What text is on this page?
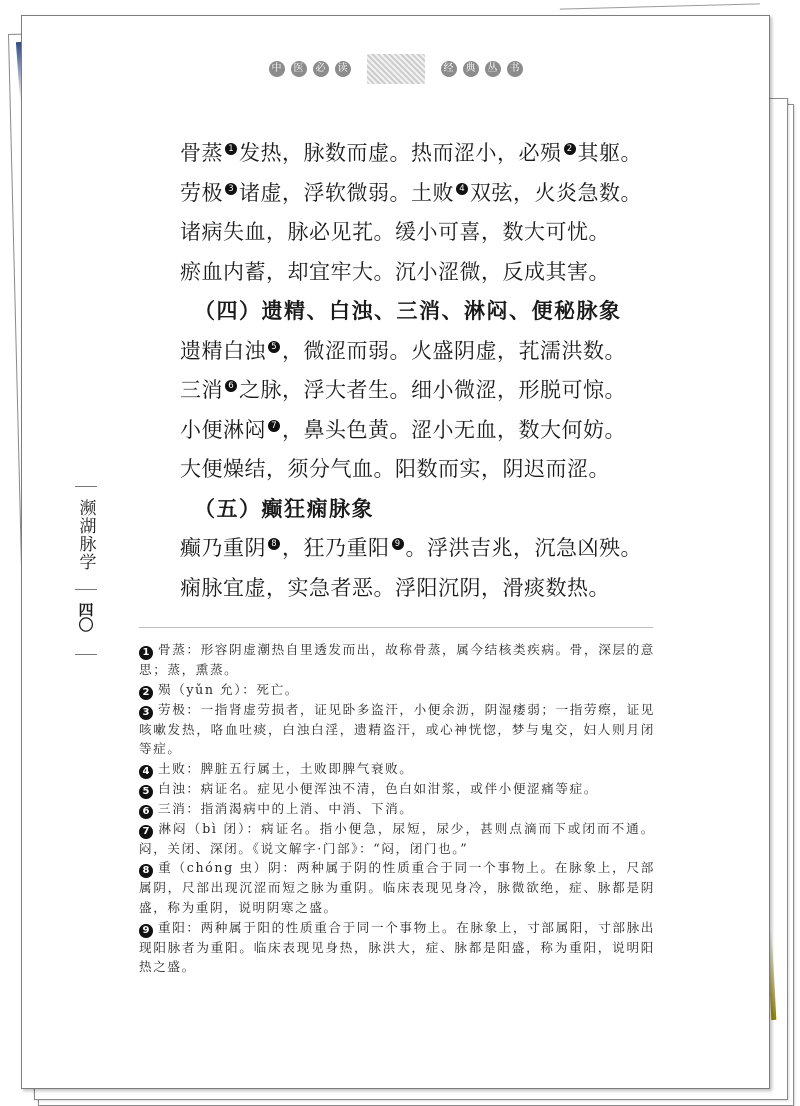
中	医	必	读	经	典	丛	书
骨蒸 1 发热，脉数而虚。热而涩小，必殒 2 其躯。
劳极 3 诸虚，浮软微弱。土败 4 双弦，火炎急数。
诸病失血，脉必见芤。缓小可喜，数大可忧。
瘀血内蓄，却宜牢大。沉小涩微，反成其害。
（四）遗精、白浊、三消、淋闷、便秘脉象
遗精白浊 5 ，微涩而弱。火盛阴虚，芤濡洪数。
三消 6 之脉，浮大者生。细小微涩，形脱可惊。
小便淋闷 7 ，鼻头色黄。涩小无血，数大何妨。
大便燥结，须分气血。阳数而实，阴迟而涩。
（五）癫狂痫脉象
癫乃重阴 8 ，狂乃重阳 9 。浮洪吉兆，沉急凶殃。
痫脉宜虚，实急者恶。浮阳沉阴，滑痰数热。
濒湖脉学
四〇
1 骨蒸：形容阴虚潮热自里透发而出，故称骨蒸，属今结核类疾病。骨，深层的意思；蒸，熏蒸。
2 殒（yǔn 允）：死亡。
3 劳极：一指肾虚劳损者，证见卧多盗汗，小便余沥，阴湿痿弱；一指劳瘵，证见咳嗽发热，咯血吐痰，白浊白淫，遗精盗汗，或心神恍惚，梦与鬼交，妇人则月闭等症。
4 土败：脾脏五行属土，土败即脾气衰败。
5 白浊：病证名。症见小便浑浊不清，色白如泔浆，或伴小便涩痛等症。
6 三消：指消渴病中的上消、中消、下消。
7 淋闷（bì 闭）：病证名。指小便急，尿短，尿少，甚则点滴而下或闭而不通。闷，关闭、深闭。《说文解字·门部》：“闷，闭门也。”
8 重（chóng 虫）阴：两种属于阴的性质重合于同一个事物上。在脉象上，尺部属阴，尺部出现沉涩而短之脉为重阴。临床表现见身冷，脉微欲绝，症、脉都是阴盛，称为重阴，说明阴寒之盛。
9 重阳：两种属于阳的性质重合于同一个事物上。在脉象上，寸部属阳，寸部脉出现阳脉者为重阳。临床表现见身热，脉洪大，症、脉都是阳盛，称为重阳，说明阳热之盛。
